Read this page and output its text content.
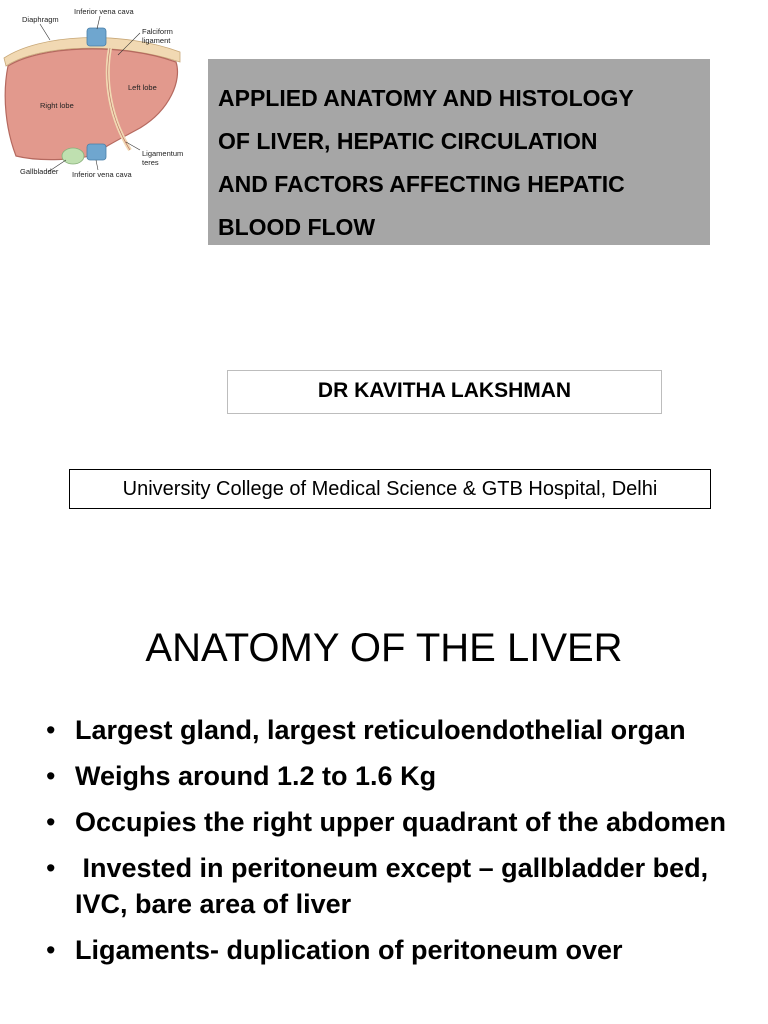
Diaphragm
Inferior vena cava
Falciform
ligament
Left lobe
Right lobe
Ligamentum
teres
Gallbladder Inferior vena cava
APPLIED ANATOMY AND HISTOLOGY
OF LIVER, HEPATIC CIRCULATION
AND FACTORS AFFECTING HEPATIC
BLOOD FLOW
DR KAVITHA LAKSHMAN
University College of Medical Science & GTB Hospital, Delhi
ANATOMY OF THE LIVER
• Largest gland, largest reticuloendothelial organ
• Weighs around 1.2 to 1.6 Kg
• Occupies the right upper quadrant of the abdomen
• Invested in peritoneum except – gallbladder bed, IVC, bare area of liver
• Ligaments- duplication of peritoneum over
